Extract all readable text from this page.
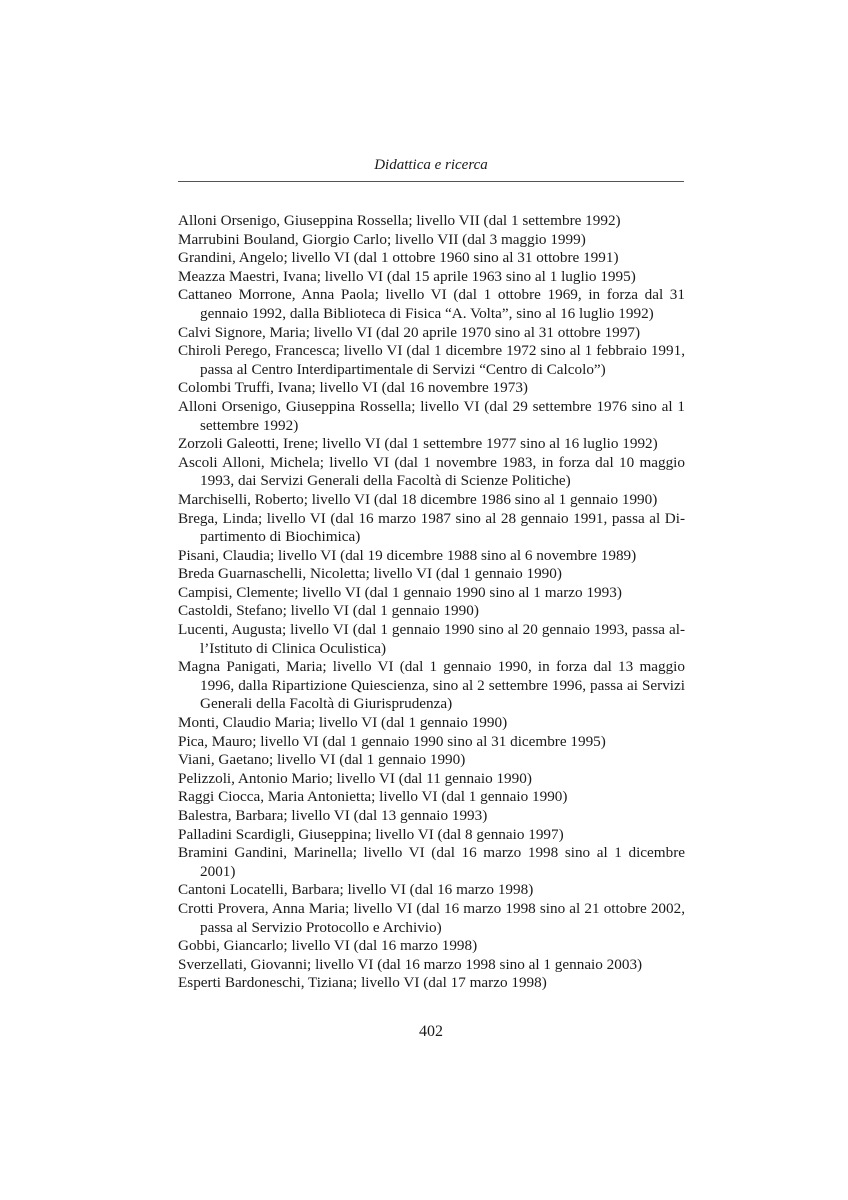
Didattica e ricerca
Alloni Orsenigo, Giuseppina Rossella; livello VII (dal 1 settembre 1992)
Marrubini Bouland, Giorgio Carlo; livello VII (dal 3 maggio 1999)
Grandini, Angelo; livello VI (dal 1 ottobre 1960 sino al 31 ottobre 1991)
Meazza Maestri, Ivana; livello VI (dal 15 aprile 1963 sino al 1 luglio 1995)
Cattaneo Morrone, Anna Paola; livello VI (dal 1 ottobre 1969, in forza dal 31 gennaio 1992, dalla Biblioteca di Fisica “A. Volta”, sino al 16 luglio 1992)
Calvi Signore, Maria; livello VI (dal 20 aprile 1970 sino al 31 ottobre 1997)
Chiroli Perego, Francesca; livello VI (dal 1 dicembre 1972 sino al 1 febbraio 1991, passa al Centro Interdipartimentale di Servizi “Centro di Calcolo”)
Colombi Truffi, Ivana; livello VI (dal 16 novembre 1973)
Alloni Orsenigo, Giuseppina Rossella; livello VI (dal 29 settembre 1976 sino al 1 settembre 1992)
Zorzoli Galeotti, Irene; livello VI (dal 1 settembre 1977 sino al 16 luglio 1992)
Ascoli Alloni, Michela; livello VI (dal 1 novembre 1983, in forza dal 10 maggio 1993, dai Servizi Generali della Facoltà di Scienze Politiche)
Marchiselli, Roberto; livello VI (dal 18 dicembre 1986 sino al 1 gennaio 1990)
Brega, Linda; livello VI (dal 16 marzo 1987 sino al 28 gennaio 1991, passa al Dipartimento di Biochimica)
Pisani, Claudia; livello VI (dal 19 dicembre 1988 sino al 6 novembre 1989)
Breda Guarnaschelli, Nicoletta; livello VI (dal 1 gennaio 1990)
Campisi, Clemente; livello VI (dal 1 gennaio 1990 sino al 1 marzo 1993)
Castoldi, Stefano; livello VI (dal 1 gennaio 1990)
Lucenti, Augusta; livello VI (dal 1 gennaio 1990 sino al 20 gennaio 1993, passa all’Istituto di Clinica Oculistica)
Magna Panigati, Maria; livello VI (dal 1 gennaio 1990, in forza dal 13 maggio 1996, dalla Ripartizione Quiescienza, sino al 2 settembre 1996, passa ai Servizi Generali della Facoltà di Giurisprudenza)
Monti, Claudio Maria; livello VI (dal 1 gennaio 1990)
Pica, Mauro; livello VI (dal 1 gennaio 1990 sino al 31 dicembre 1995)
Viani, Gaetano; livello VI (dal 1 gennaio 1990)
Pelizzoli, Antonio Mario; livello VI (dal 11 gennaio 1990)
Raggi Ciocca, Maria Antonietta; livello VI (dal 1 gennaio 1990)
Balestra, Barbara; livello VI (dal 13 gennaio 1993)
Palladini Scardigli, Giuseppina; livello VI (dal 8 gennaio 1997)
Bramini Gandini, Marinella; livello VI (dal 16 marzo 1998 sino al 1 dicembre 2001)
Cantoni Locatelli, Barbara; livello VI (dal 16 marzo 1998)
Crotti Provera, Anna Maria; livello VI (dal 16 marzo 1998 sino al 21 ottobre 2002, passa al Servizio Protocollo e Archivio)
Gobbi, Giancarlo; livello VI (dal 16 marzo 1998)
Sverzellati, Giovanni; livello VI (dal 16 marzo 1998 sino al 1 gennaio 2003)
Esperti Bardoneschi, Tiziana; livello VI (dal 17 marzo 1998)
402
